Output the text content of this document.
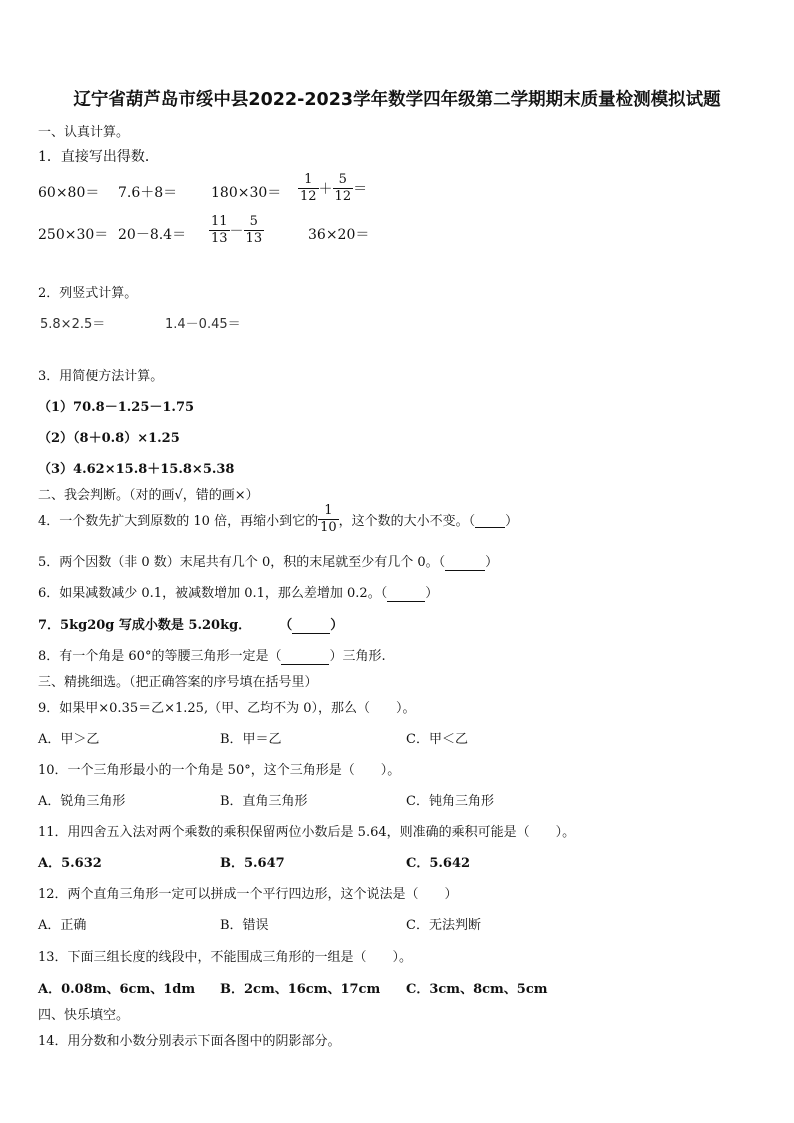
辽宁省葫芦岛市绥中县2022-2023学年数学四年级第二学期期末质量检测模拟试题
一、认真计算。
1．直接写出得数．
$60\times 80= 7.6+8= 180\times 30= \frac{1}{12} + \frac{5}{12}$ ＝
$250\times 30= 20-8.4= \frac{11}{13} - \frac{5}{13}$	36×20＝
2．列竖式计算。
5.8×2.5＝	1.4－0.45＝
3．用简便方法计算。
（1）70.8－1.25－1.75
（2）（8＋0.8）×1.25
（3）4.62×15.8＋15.8×5.38
二、我会判断。（对的画√，错的画×）
4．一个数先扩大到原数的 10 倍，再缩小到它的 $\frac{1}{10}$ ，这个数的大小不变。（ ）
5．两个因数（非 0 数）末尾共有几个 0，积的末尾就至少有几个 0。（	）
6．如果减数减少 0.1，被减数增加 0.1，那么差增加 0.2。（	）
7．5kg20g 写成小数是 5.20kg． （	）
8．有一个角是 60°的等腰三角形一定是（	）三角形.
三、精挑细选。（把正确答案的序号填在括号里）
9．如果甲×0.35＝乙×1.25,（甲、乙均不为 0），那么（　　）。
A．甲＞乙	B．甲＝乙	C．甲＜乙
10．一个三角形最小的一个角是 50°，这个三角形是（　　）。
A．锐角三角形	B．直角三角形	C．钝角三角形
11．用四舍五入法对两个乘数的乘积保留两位小数后是 5.64，则准确的乘积可能是（　　）。
A．5.632	B．5.647	C．5.642
12．两个直角三角形一定可以拼成一个平行四边形，这个说法是（　　）
A．正确	B．错误	C．无法判断
13．下面三组长度的线段中，不能围成三角形的一组是（　　）。
A．0.08m、6cm、1dm B．2cm、16cm、17cm C．3cm、8cm、5cm
四、快乐填空。
14．用分数和小数分别表示下面各图中的阴影部分。
